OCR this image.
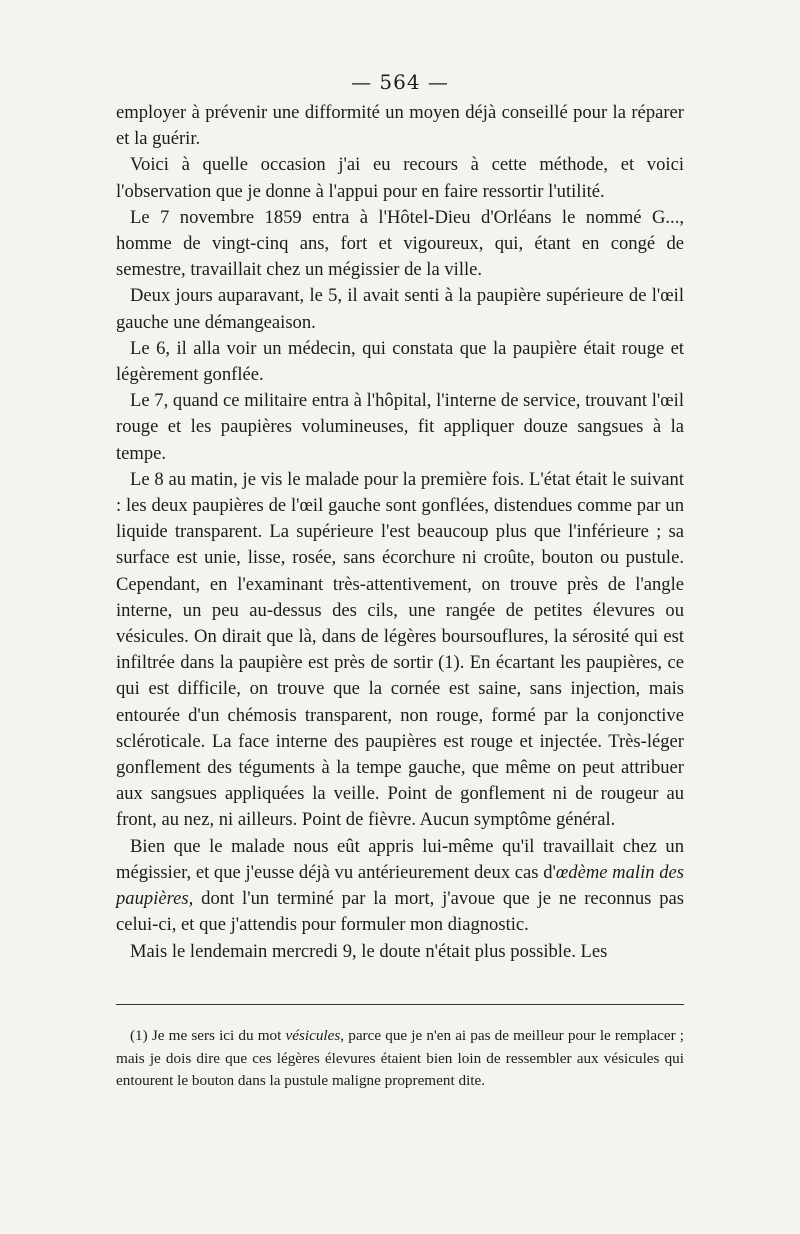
— 564 —

employer à prévenir une difformité un moyen déjà conseillé pour la réparer et la guérir.

Voici à quelle occasion j'ai eu recours à cette méthode, et voici l'observation que je donne à l'appui pour en faire ressortir l'utilité.

Le 7 novembre 1859 entra à l'Hôtel-Dieu d'Orléans le nommé G..., homme de vingt-cinq ans, fort et vigoureux, qui, étant en congé de semestre, travaillait chez un mégissier de la ville.

Deux jours auparavant, le 5, il avait senti à la paupière supérieure de l'œil gauche une démangeaison.

Le 6, il alla voir un médecin, qui constata que la paupière était rouge et légèrement gonflée.

Le 7, quand ce militaire entra à l'hôpital, l'interne de service, trouvant l'œil rouge et les paupières volumineuses, fit appliquer douze sangsues à la tempe.

Le 8 au matin, je vis le malade pour la première fois. L'état était le suivant : les deux paupières de l'œil gauche sont gonflées, distendues comme par un liquide transparent. La supérieure l'est beaucoup plus que l'inférieure ; sa surface est unie, lisse, rosée, sans écorchure ni croûte, bouton ou pustule. Cependant, en l'examinant très-attentivement, on trouve près de l'angle interne, un peu au-dessus des cils, une rangée de petites élevures ou vésicules. On dirait que là, dans de légères boursouflures, la sérosité qui est infiltrée dans la paupière est près de sortir (1). En écartant les paupières, ce qui est difficile, on trouve que la cornée est saine, sans injection, mais entourée d'un chémosis transparent, non rouge, formé par la conjonctive scléroticale. La face interne des paupières est rouge et injectée. Très-léger gonflement des téguments à la tempe gauche, que même on peut attribuer aux sangsues appliquées la veille. Point de gonflement ni de rougeur au front, au nez, ni ailleurs. Point de fièvre. Aucun symptôme général.

Bien que le malade nous eût appris lui-même qu'il travaillait chez un mégissier, et que j'eusse déjà vu antérieurement deux cas d'œdème malin des paupières, dont l'un terminé par la mort, j'avoue que je ne reconnus pas celui-ci, et que j'attendis pour formuler mon diagnostic.

Mais le lendemain mercredi 9, le doute n'était plus possible. Les

(1) Je me sers ici du mot vésicules, parce que je n'en ai pas de meilleur pour le remplacer ; mais je dois dire que ces légères élevures étaient bien loin de ressembler aux vésicules qui entourent le bouton dans la pustule maligne proprement dite.
